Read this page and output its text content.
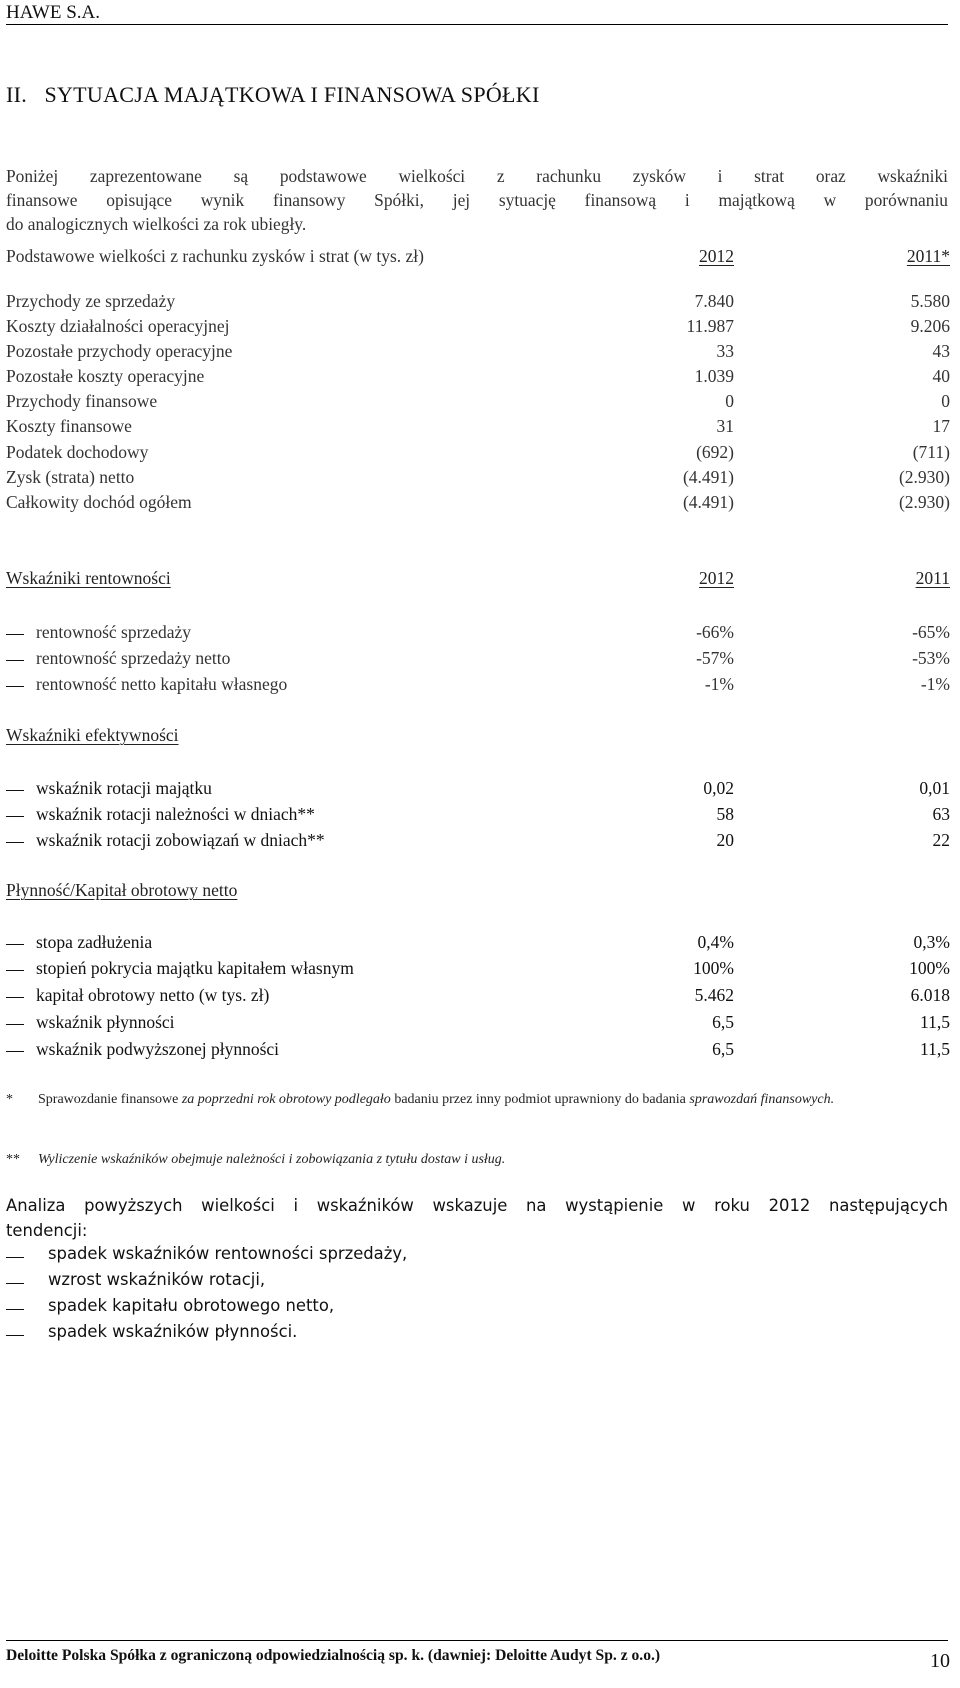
HAWE S.A.
II.   SYTUACJA MAJĄTKOWA I FINANSOWA SPÓŁKI
Poniżej zaprezentowane są podstawowe wielkości z rachunku zysków i strat oraz wskaźniki
finansowe opisujące wynik finansowy Spółki, jej sytuację finansową i majątkową w porównaniu
do analogicznych wielkości za rok ubiegły.
Podstawowe wielkości z rachunku zysków i strat (w tys. zł)	2012	2011*
Przychody ze sprzedaży	7.840	5.580
Koszty działalności operacyjnej	11.987	9.206
Pozostałe przychody operacyjne	33	43
Pozostałe koszty operacyjne	1.039	40
Przychody finansowe	0	0
Koszty finansowe	31	17
Podatek dochodowy	(692)	(711)
Zysk (strata) netto	(4.491)	(2.930)
Całkowity dochód ogółem	(4.491)	(2.930)
Wskaźniki rentowności	2012	2011
rentowność sprzedaży	-66%	-65%
rentowność sprzedaży netto	-57%	-53%
rentowność netto kapitału własnego	-1%	-1%
Wskaźniki efektywności
wskaźnik rotacji majątku	0,02	0,01
wskaźnik rotacji należności w dniach**	58	63
wskaźnik rotacji zobowiązań w dniach**	20	22
Płynność/Kapitał obrotowy netto
stopa zadłużenia	0,4%	0,3%
stopień pokrycia majątku kapitałem własnym	100%	100%
kapitał obrotowy netto (w tys. zł)	5.462	6.018
wskaźnik płynności	6,5	11,5
wskaźnik podwyższonej płynności	6,5	11,5
* Sprawozdanie finansowe za poprzedni rok obrotowy podlegało badaniu przez inny podmiot uprawniony do badania sprawozdań finansowych.
** Wyliczenie wskaźników obejmuje należności i zobowiązania z tytułu dostaw i usług.
Analiza powyższych wielkości i wskaźników wskazuje na wystąpienie w roku 2012 następujących
tendencji:
spadek wskaźników rentowności sprzedaży,
wzrost wskaźników rotacji,
spadek kapitału obrotowego netto,
spadek wskaźników płynności.
Deloitte Polska Spółka z ograniczoną odpowiedzialnością sp. k. (dawniej: Deloitte Audyt Sp. z o.o.)	10
